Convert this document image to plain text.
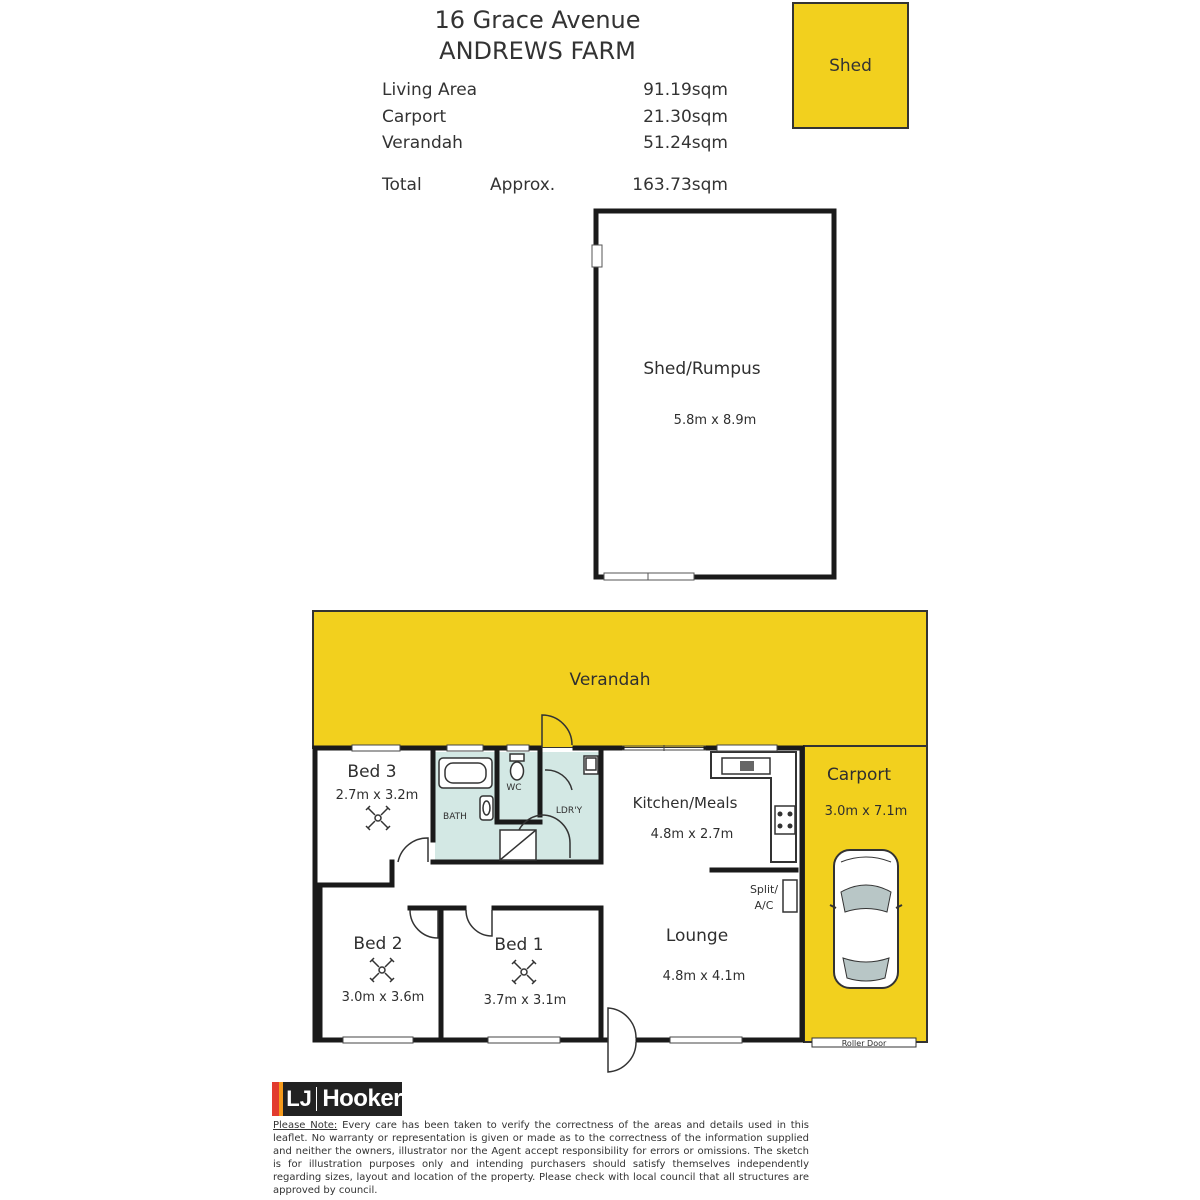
16 Grace Avenue
ANDREWS FARM
Living Area	91.19sqm
Carport	21.30sqm
Verandah	51.24sqm
Total	Approx.	163.73sqm
Shed
Shed/Rumpus
5.8m x 8.9m
Verandah
Carport
3.0m x 7.1m
Roller Door
Bed 3
2.7m x 3.2m
BATH
WC
LDR'Y	Kitchen/Meals
4.8m x 2.7m
Split/
A/C
Lounge
4.8m x 4.1m
Bed 2
3.0m x 3.6m
Bed 1
3.7m x 3.1m
LJ Hooker
Please Note: Every care has been taken to verify the correctness of the areas and details used in this leaflet. No warranty or representation is given or made as to the correctness of the information supplied and neither the owners, illustrator nor the Agent accept responsibility for errors or omissions. The sketch is for illustration purposes only and intending purchasers should satisfy themselves independently regarding sizes, layout and location of the property. Please check with local council that all structures are approved by council.
